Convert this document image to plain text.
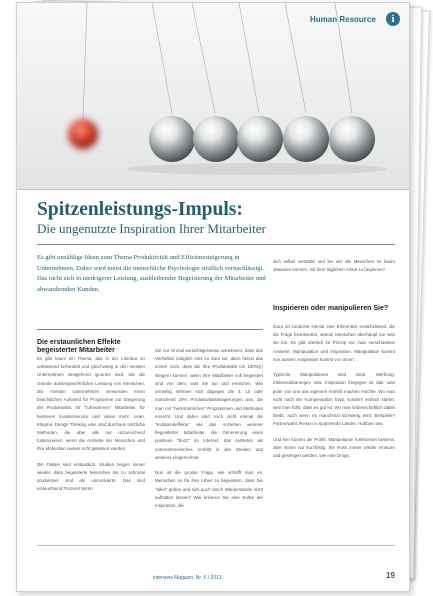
Human Resource	i
Spitzenleistungs-Impuls:
Die ungenutzte Inspiration Ihrer Mitarbeiter
Es gibt unzählige Ideen zum Thema Produktivität und Effizienzsteigerung in Unternehmen. Dabei wird meist die menschliche Psychologie sträflich vernachlässigt. Das rächt sich in niedrigerer Leistung, ausbleibender Begeisterung der Mitarbeiter und abwandernden Kunden.
Die erstaunlichen Effekte begeisterter Mitarbeiter

Es gibt kaum ein Thema, das in der Literatur so umfassend behandelt und gleichzeitig in den meisten Unternehmen weitgehend ignoriert wird, wie die Gründe aussergewöhnlicher Leistung von Menschen. Die meisten Unternehmen verwenden einen beachtlichen Aufwand für Programme zur Steigerung der Produktivität, für "zufriedenere" Mitarbeiter, für besseren Kundenservice und vieles mehr. Lean, 6Sigma, Design Thinking usw. sind durchaus nützliche Methoden, die aber alle nur unzureichend funktionieren, wenn die Antriebe der Menschen und ihre Motivation ausser Acht gelassen werden.

Die Fakten sind erstaunlich. Studien zeigen immer wieder, dass begeisterte Menschen bis zu zehnmal produktiver sind als unmotivierte. Das sind einleuchtend Prozent! Wenn

Sie nur einmal vorsichtigerweise annehmen, dass das Verhältnis lediglich eins zu zwei sei, dann heisst das immer noch, dass Sie Ihre Produktivität um 100%(!) steigern können, wenn Ihre Mitarbeiter voll begeistert sind von dem, was Sie tun und erreichen. Wie armselig nehmen sich dagegen die 3, 10 oder manchmal 20% Produktivitätssteigerungen aus, die man mit "herkömmlichen" Programmen und Methoden erreicht. Und dabei sind noch nicht einmal die "Kollateraleffekte" wie das Anziehen weiterer begeisterter Mitarbeiter, die Generierung eines positiven "Buzz" im Internet, das Auftreten als unternehmerisches Vorbild in den Medien und weiteres eingerechnet.

Nun ist die grosse Frage, wie schafft man es, Menschen so für ihre Arbeit zu begeistern, dass Sie "alles" geben und sich auch durch Wiederstände nicht aufhalten lassen? Wie kreieren Sie eine Kultur der Inspiration, die

sich selbst verstärkt und bei der die Menschen es kaum abwarten können, mit ihrer täglichen Arbeit zu beginnen?

Inspirieren oder manipulieren Sie?

Dazu ist zunächst einmal eine Erkenntnis entscheidend, die die Frage beantwortet, warum Menschen überhaupt tun was sie tun. Es gibt nämlich im Prinzip nur zwei verschiedene Antriebe: Manipulation und Inspiration. Manipulation kommt von aussen, Inspiration kommt von innen.

Typische Manipulatoren sind Geld, Werbung, Zielvereinbarungen usw. Inspiration hingegen ist das, was jeder von uns aus eigenem Antrieb machen möchte. Wo man nicht nach der Kompensation fragt, sondern einfach startet, weil man fühlt, dass es gut ist. Wo man leidenschaftlich dabei bleibt, auch wenn es manchmal schwierig wird. Beispiele? Partnerwahl, Reisen in spannende Länder, Hobbys usw.

Und hier kommt der Punkt: Manipulation funktioniert bestens, aber immer nur kurzfristig. Sie muss immer wieder erneuert und gesteigert werden, wie eine Droge,

interview Magazin, Nr. 6 / 2013	19
